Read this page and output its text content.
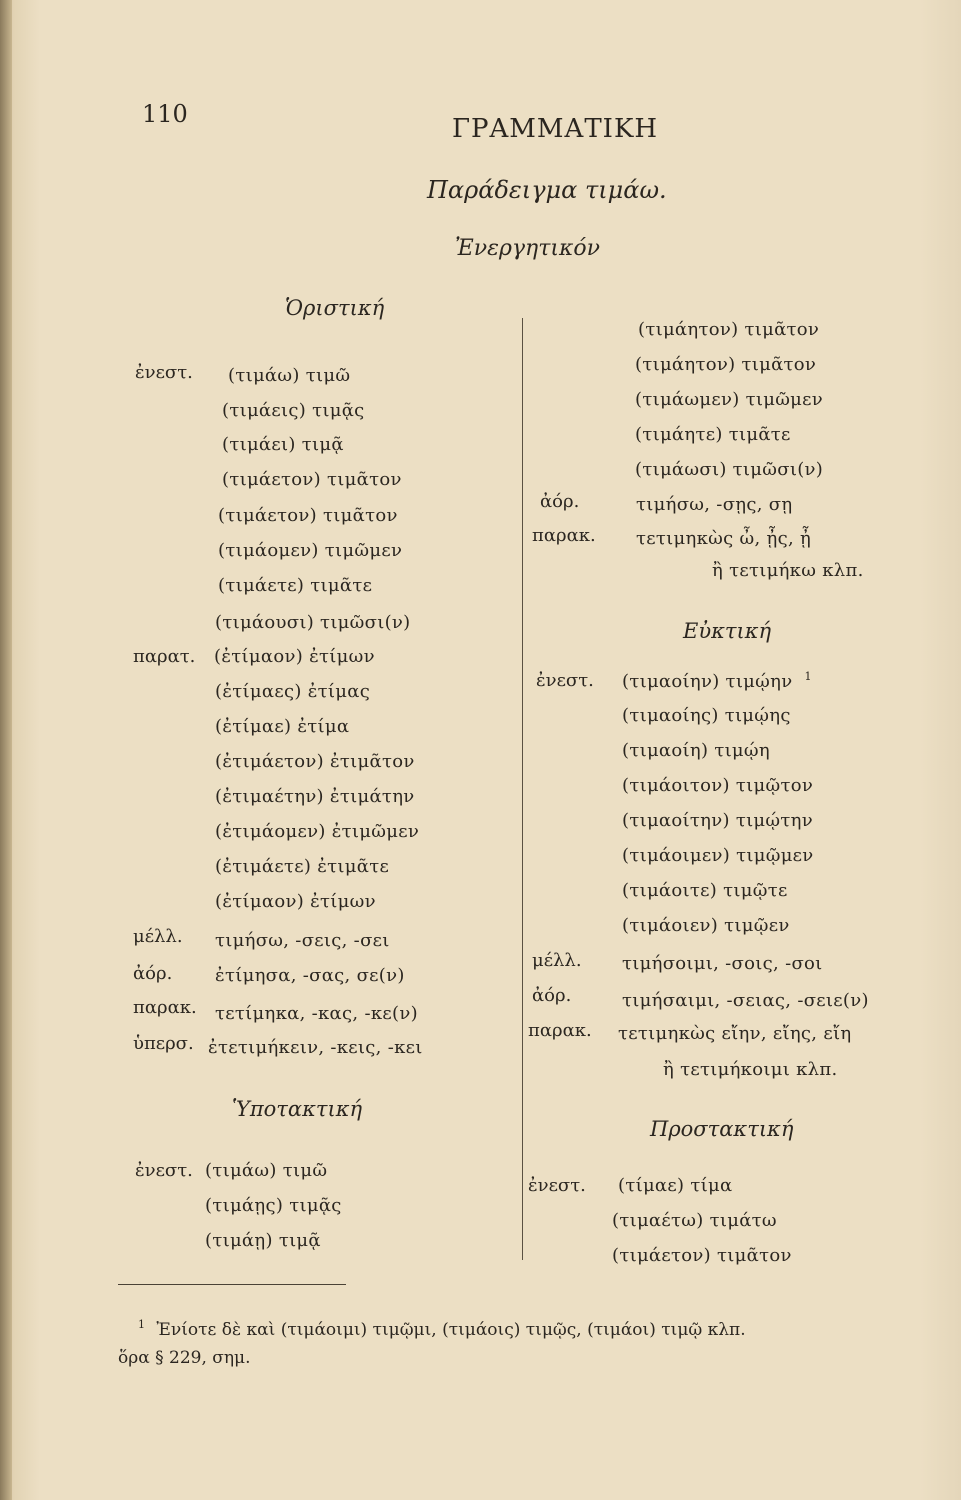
110	ΓΡΑΜΜΑΤΙΚΗ
Παράδειγμα τιμάω.
Ἐνεργητικόν
Ὁριστική
ἐνεστ. (τιμάω) τιμῶ
(τιμάεις) τιμᾷς
(τιμάει) τιμᾷ
(τιμάετον) τιμᾶτον
(τιμάετον) τιμᾶτον
(τιμάομεν) τιμῶμεν
(τιμάετε) τιμᾶτε
(τιμάουσι) τιμῶσι(ν)
παρατ. (ἐτίμαον) ἐτίμων
(ἐτίμαες) ἐτίμας
(ἐτίμαε) ἐτίμα
(ἐτιμάετον) ἐτιμᾶτον
(ἐτιμαέτην) ἐτιμάτην
(ἐτιμάομεν) ἐτιμῶμεν
(ἐτιμάετε) ἐτιμᾶτε
(ἐτίμαον) ἐτίμων
μέλλ. τιμήσω, -σεις, -σει
ἀόρ. ἐτίμησα, -σας, σε(ν)
παρακ. τετίμηκα, -κας, -κε(ν)
ὑπερσ. ἐτετιμήκειν, -κεις, -κει
Ὑποτακτική
ἐνεστ. (τιμάω) τιμῶ
(τιμάῃς) τιμᾷς
(τιμάῃ) τιμᾷ
(τιμάητον) τιμᾶτον
(τιμάητον) τιμᾶτον
(τιμάωμεν) τιμῶμεν
(τιμάητε) τιμᾶτε
(τιμάωσι) τιμῶσι(ν)
ἀόρ.	τιμήσω, -σῃς, σῃ
παρακ. τετιμηκὼς ὦ, ᾖς, ᾖ
ἢ τετιμήκω κλπ.
Εὐκτική
ἐνεστ. (τιμαοίην) τιμῴην $^1$
(τιμαοίης) τιμῴης
(τιμαοίη) τιμῴη
(τιμάοιτον) τιμῷτον
(τιμαοίτην) τιμῴτην
(τιμάοιμεν) τιμῷμεν
(τιμάοιτε) τιμῷτε
(τιμάοιεν) τιμῷεν
μέλλ. τιμήσοιμι, -σοις, -σοι
ἀόρ.	τιμήσαιμι, -σειας, -σειε(ν)
παρακ. τετιμηκὼς εἴην, εἴης, εἴη
ἢ τετιμήκοιμι κλπ.
Προστακτική
ἐνεστ. (τίμαε) τίμα
(τιμαέτω) τιμάτω
(τιμάετον) τιμᾶτον
$^1$ Ἐνίοτε δὲ καὶ (τιμάοιμι) τιμῷμι, (τιμάοις) τιμῷς, (τιμάοι) τιμῷ κλπ.
ὅρα § 229, σημ.
